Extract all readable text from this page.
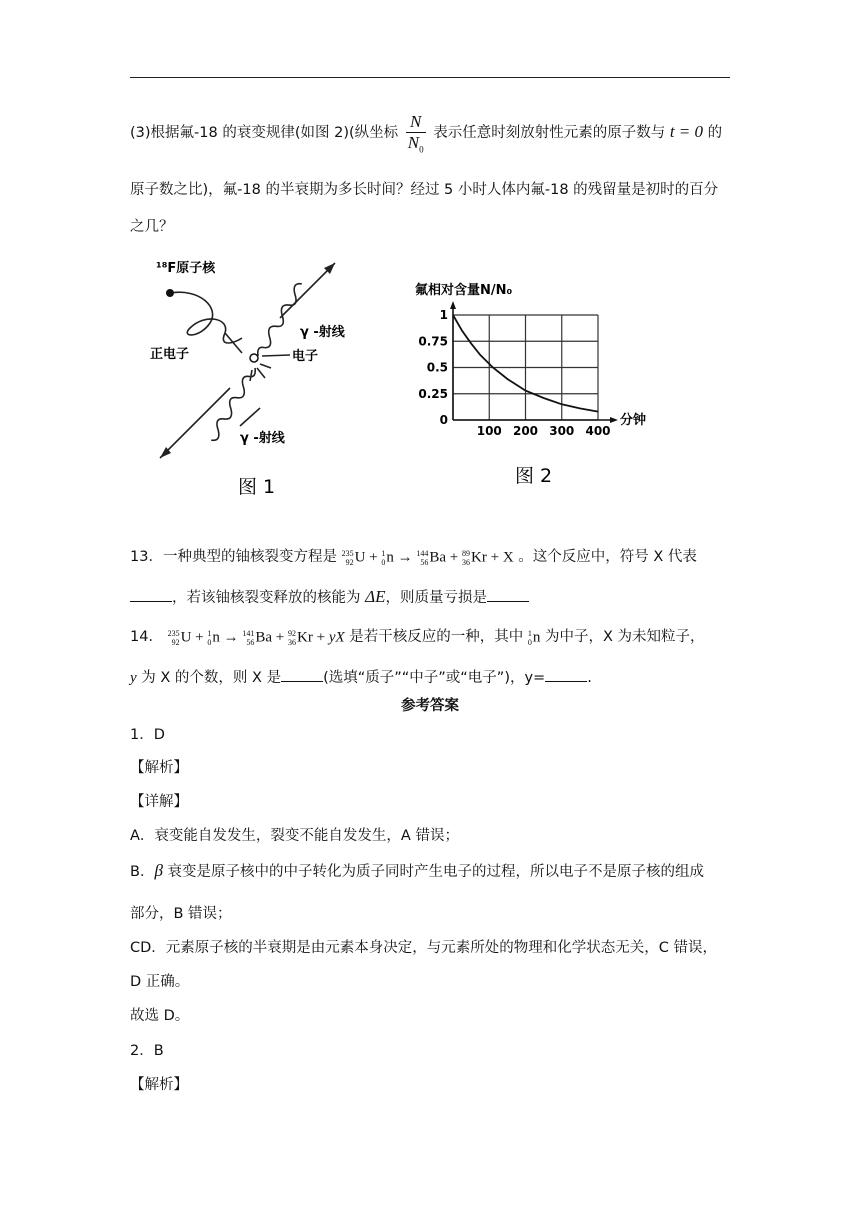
(3)根据氟-18 的衰变规律(如图 2)(纵坐标 $\frac{N}{N_0}$ 表示任意时刻放射性元素的原子数与 t = 0 的
原子数之比)，氟-18 的半衰期为多长时间？经过 5 小时人体内氟-18 的残留量是初时的百分
之几？
¹⁸F原子核
正电子	电子
γ -射线
γ -射线
图 1
100 200 300 400
0
0.25
0.5
0.75
1
氟相对含量N/N₀
分钟
图 2
13．一种典型的铀核裂变方程是 235
92 U + 1
0 n → 144
56 Ba + 89
36 Kr + X 。这个反应中，符号 X 代表
，若该铀核裂变释放的核能为 ΔE，则质量亏损是
14． 235
92 U + 1
0 n → 141
56 Ba + 92
36 Kr + yX 是若干核反应的一种，其中 1
0 n 为中子，X 为未知粒子，
y 为 X 的个数，则 X 是	(选填“质子”“中子”或“电子”)，y=	.
参考答案
1．D
【解析】
【详解】
A．衰变能自发发生，裂变不能自发发生，A 错误；
B．β 衰变是原子核中的中子转化为质子同时产生电子的过程，所以电子不是原子核的组成
部分，B 错误；
CD．元素原子核的半衰期是由元素本身决定，与元素所处的物理和化学状态无关，C 错误，
D 正确。
故选 D。
2．B
【解析】
